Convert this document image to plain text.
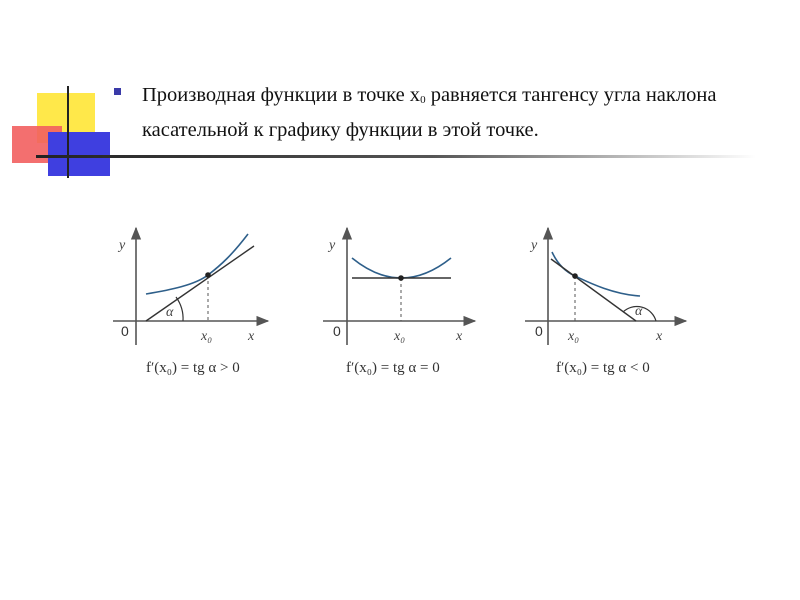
Производная функции в точке $x_0$ равняется тангенсу угла наклона касательной к графику функции в этой точке.
y
x
0
α
x₀
f′(x₀) = tg α > 0
y
x
0	x₀
f′(x₀) = tg α = 0
y
x
0
α
x₀
f′(x₀) = tg α < 0
